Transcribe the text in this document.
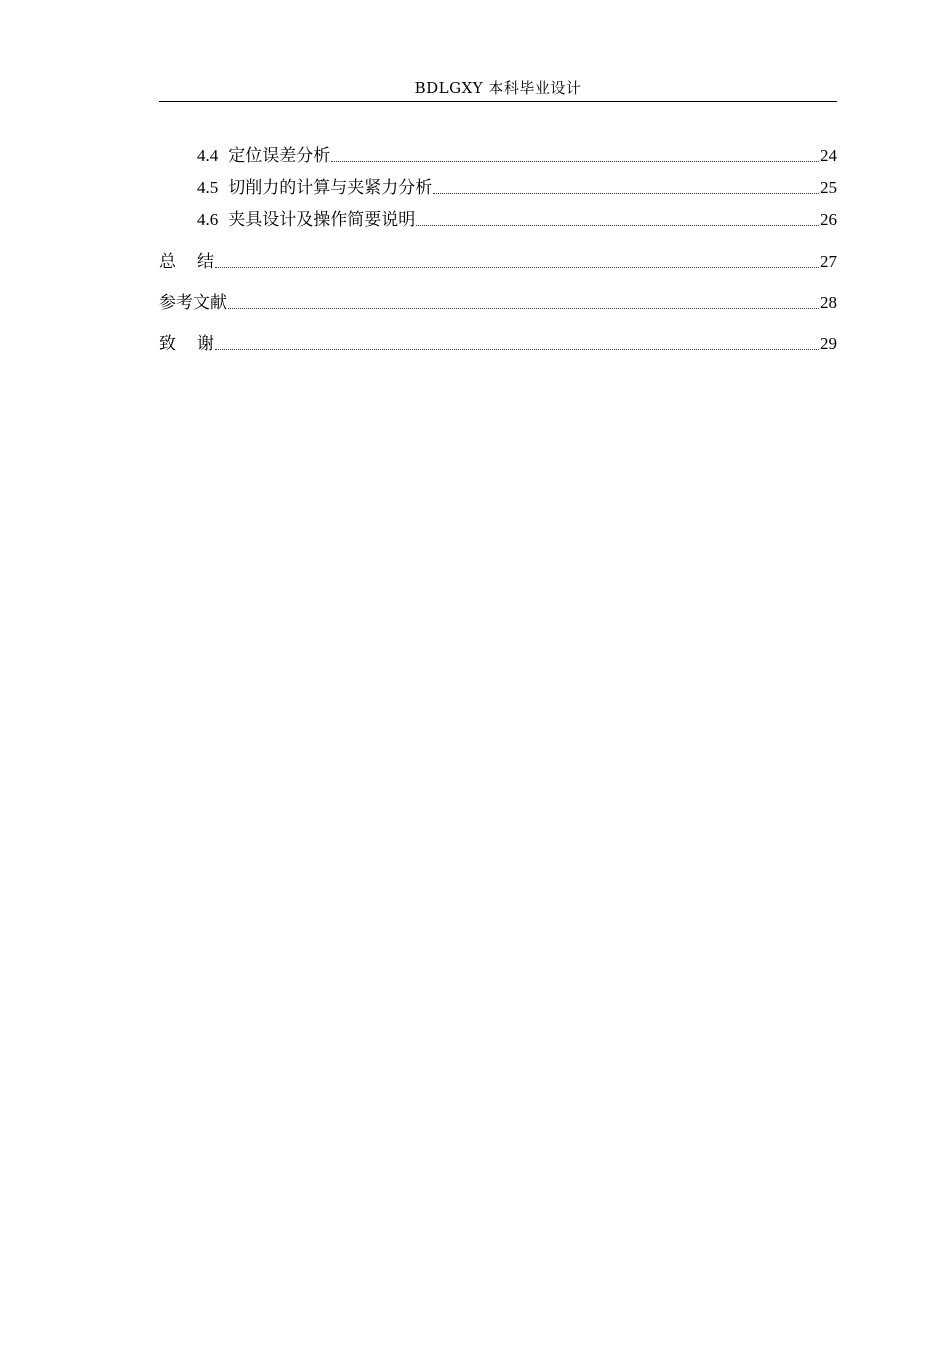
BDLGXY 本科毕业设计
4.4 定位误差分析	24
4.5 切削力的计算与夹紧力分析	25
4.6 夹具设计及操作简要说明	26
总 结	27
参考文献	28
致 谢	29
